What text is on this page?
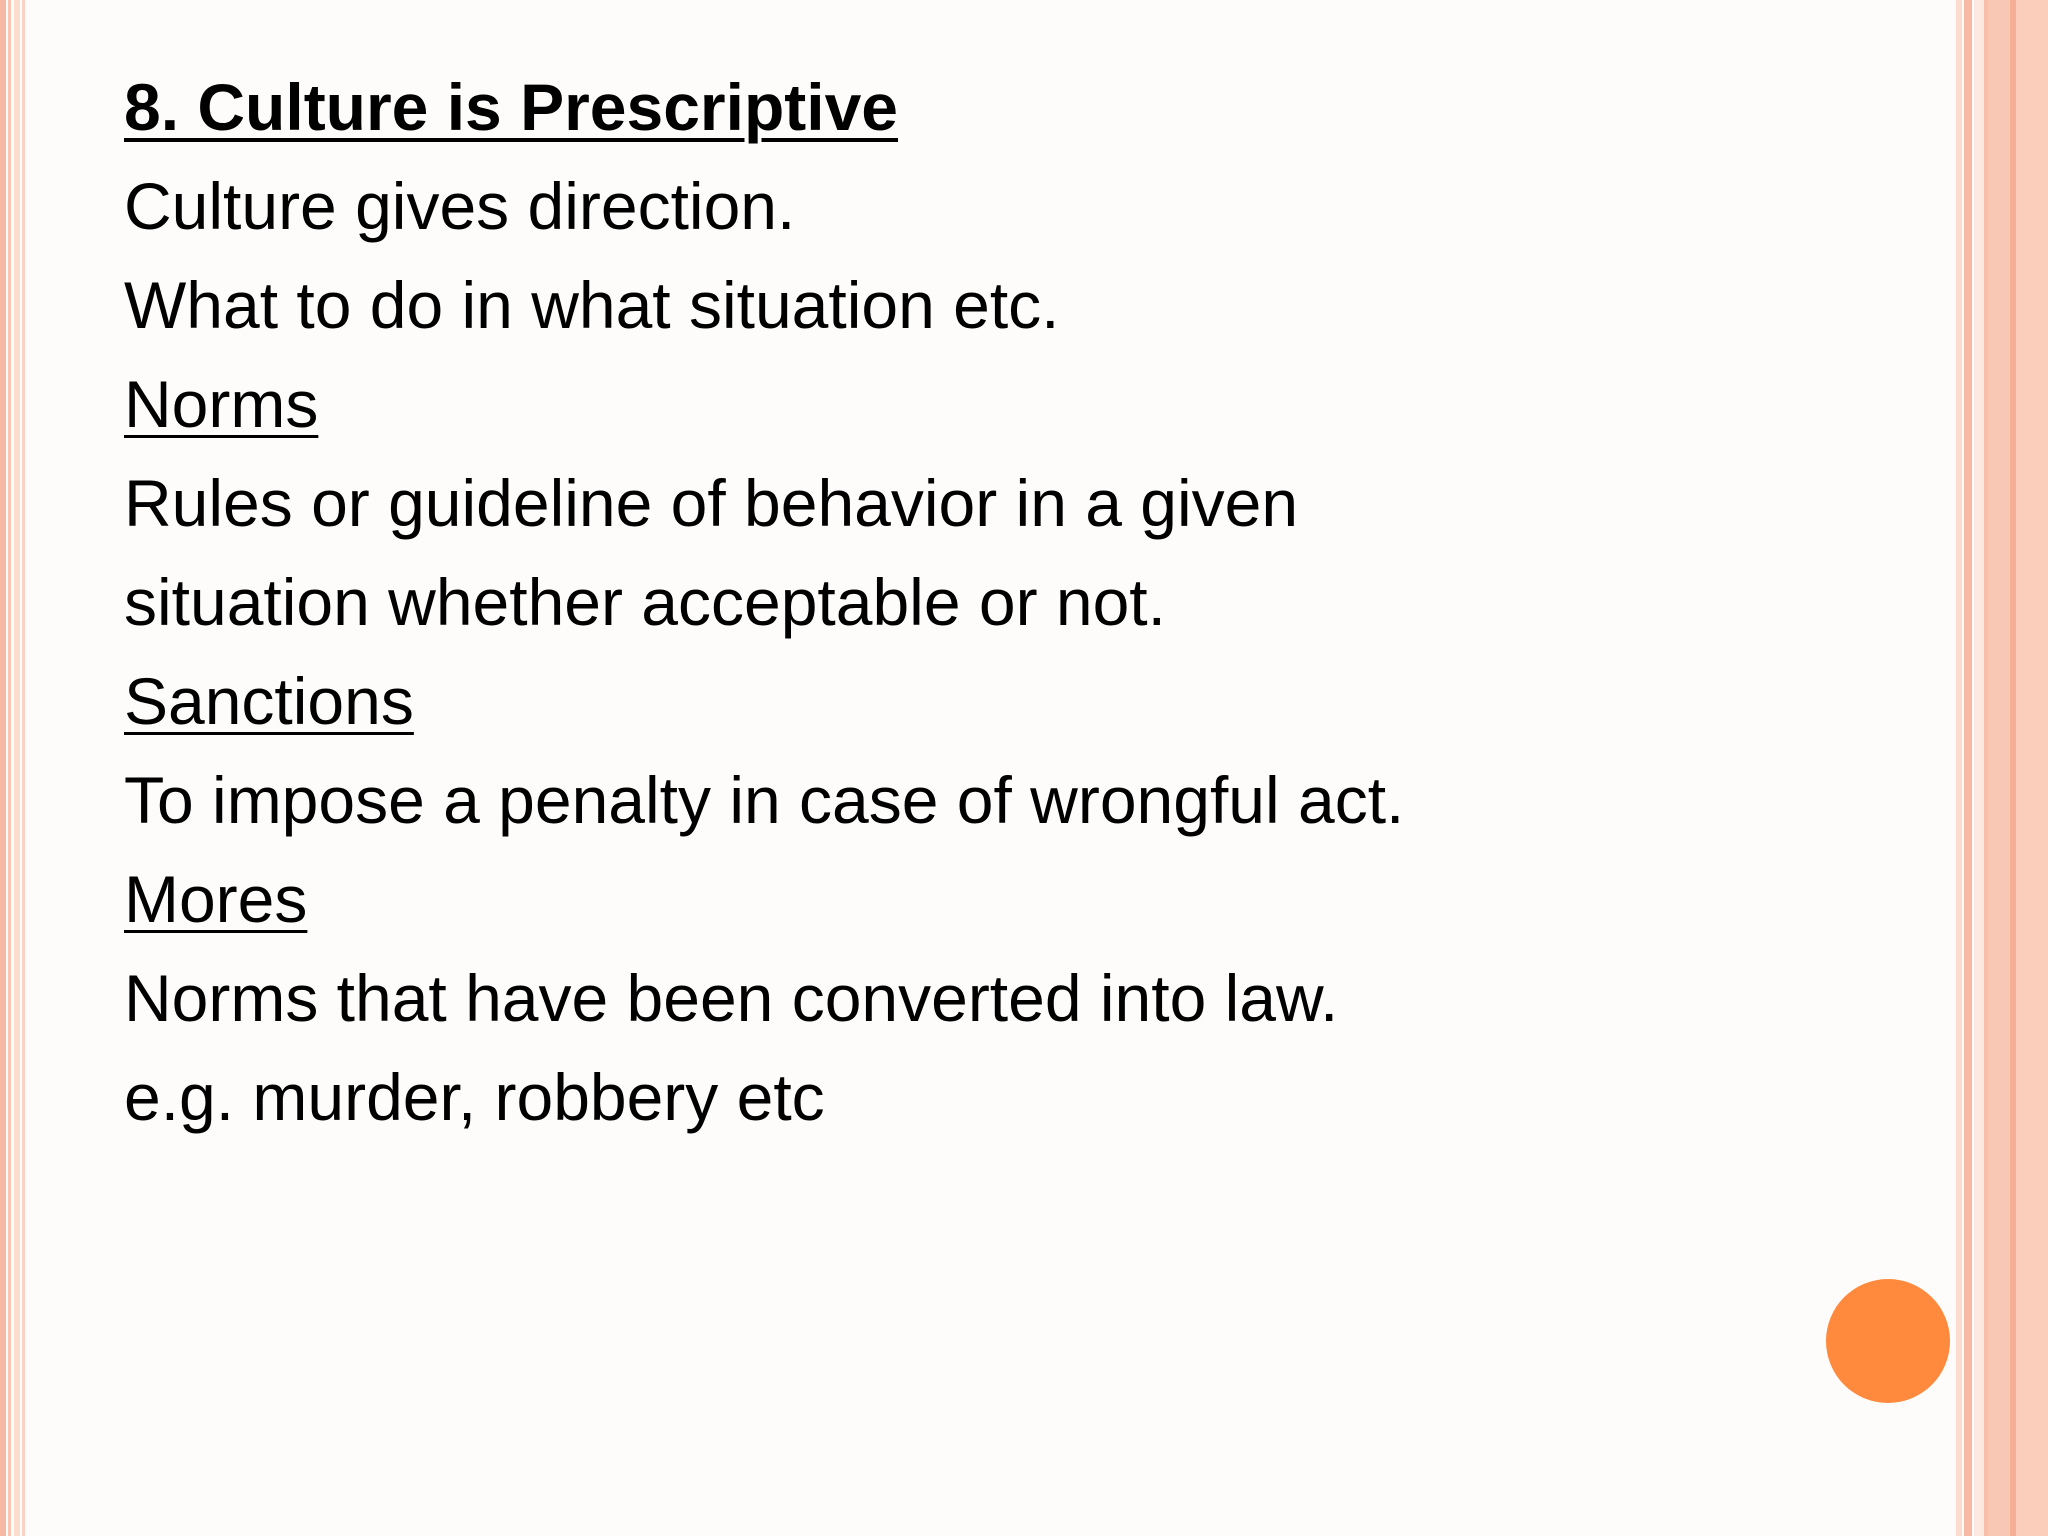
8. Culture is Prescriptive

Culture gives direction.

What to do in what situation etc.

Norms

Rules or guideline of behavior in a given

situation whether acceptable or not.

Sanctions

To impose a penalty in case of wrongful act.

Mores

Norms that have been converted into law.

e.g. murder, robbery etc
